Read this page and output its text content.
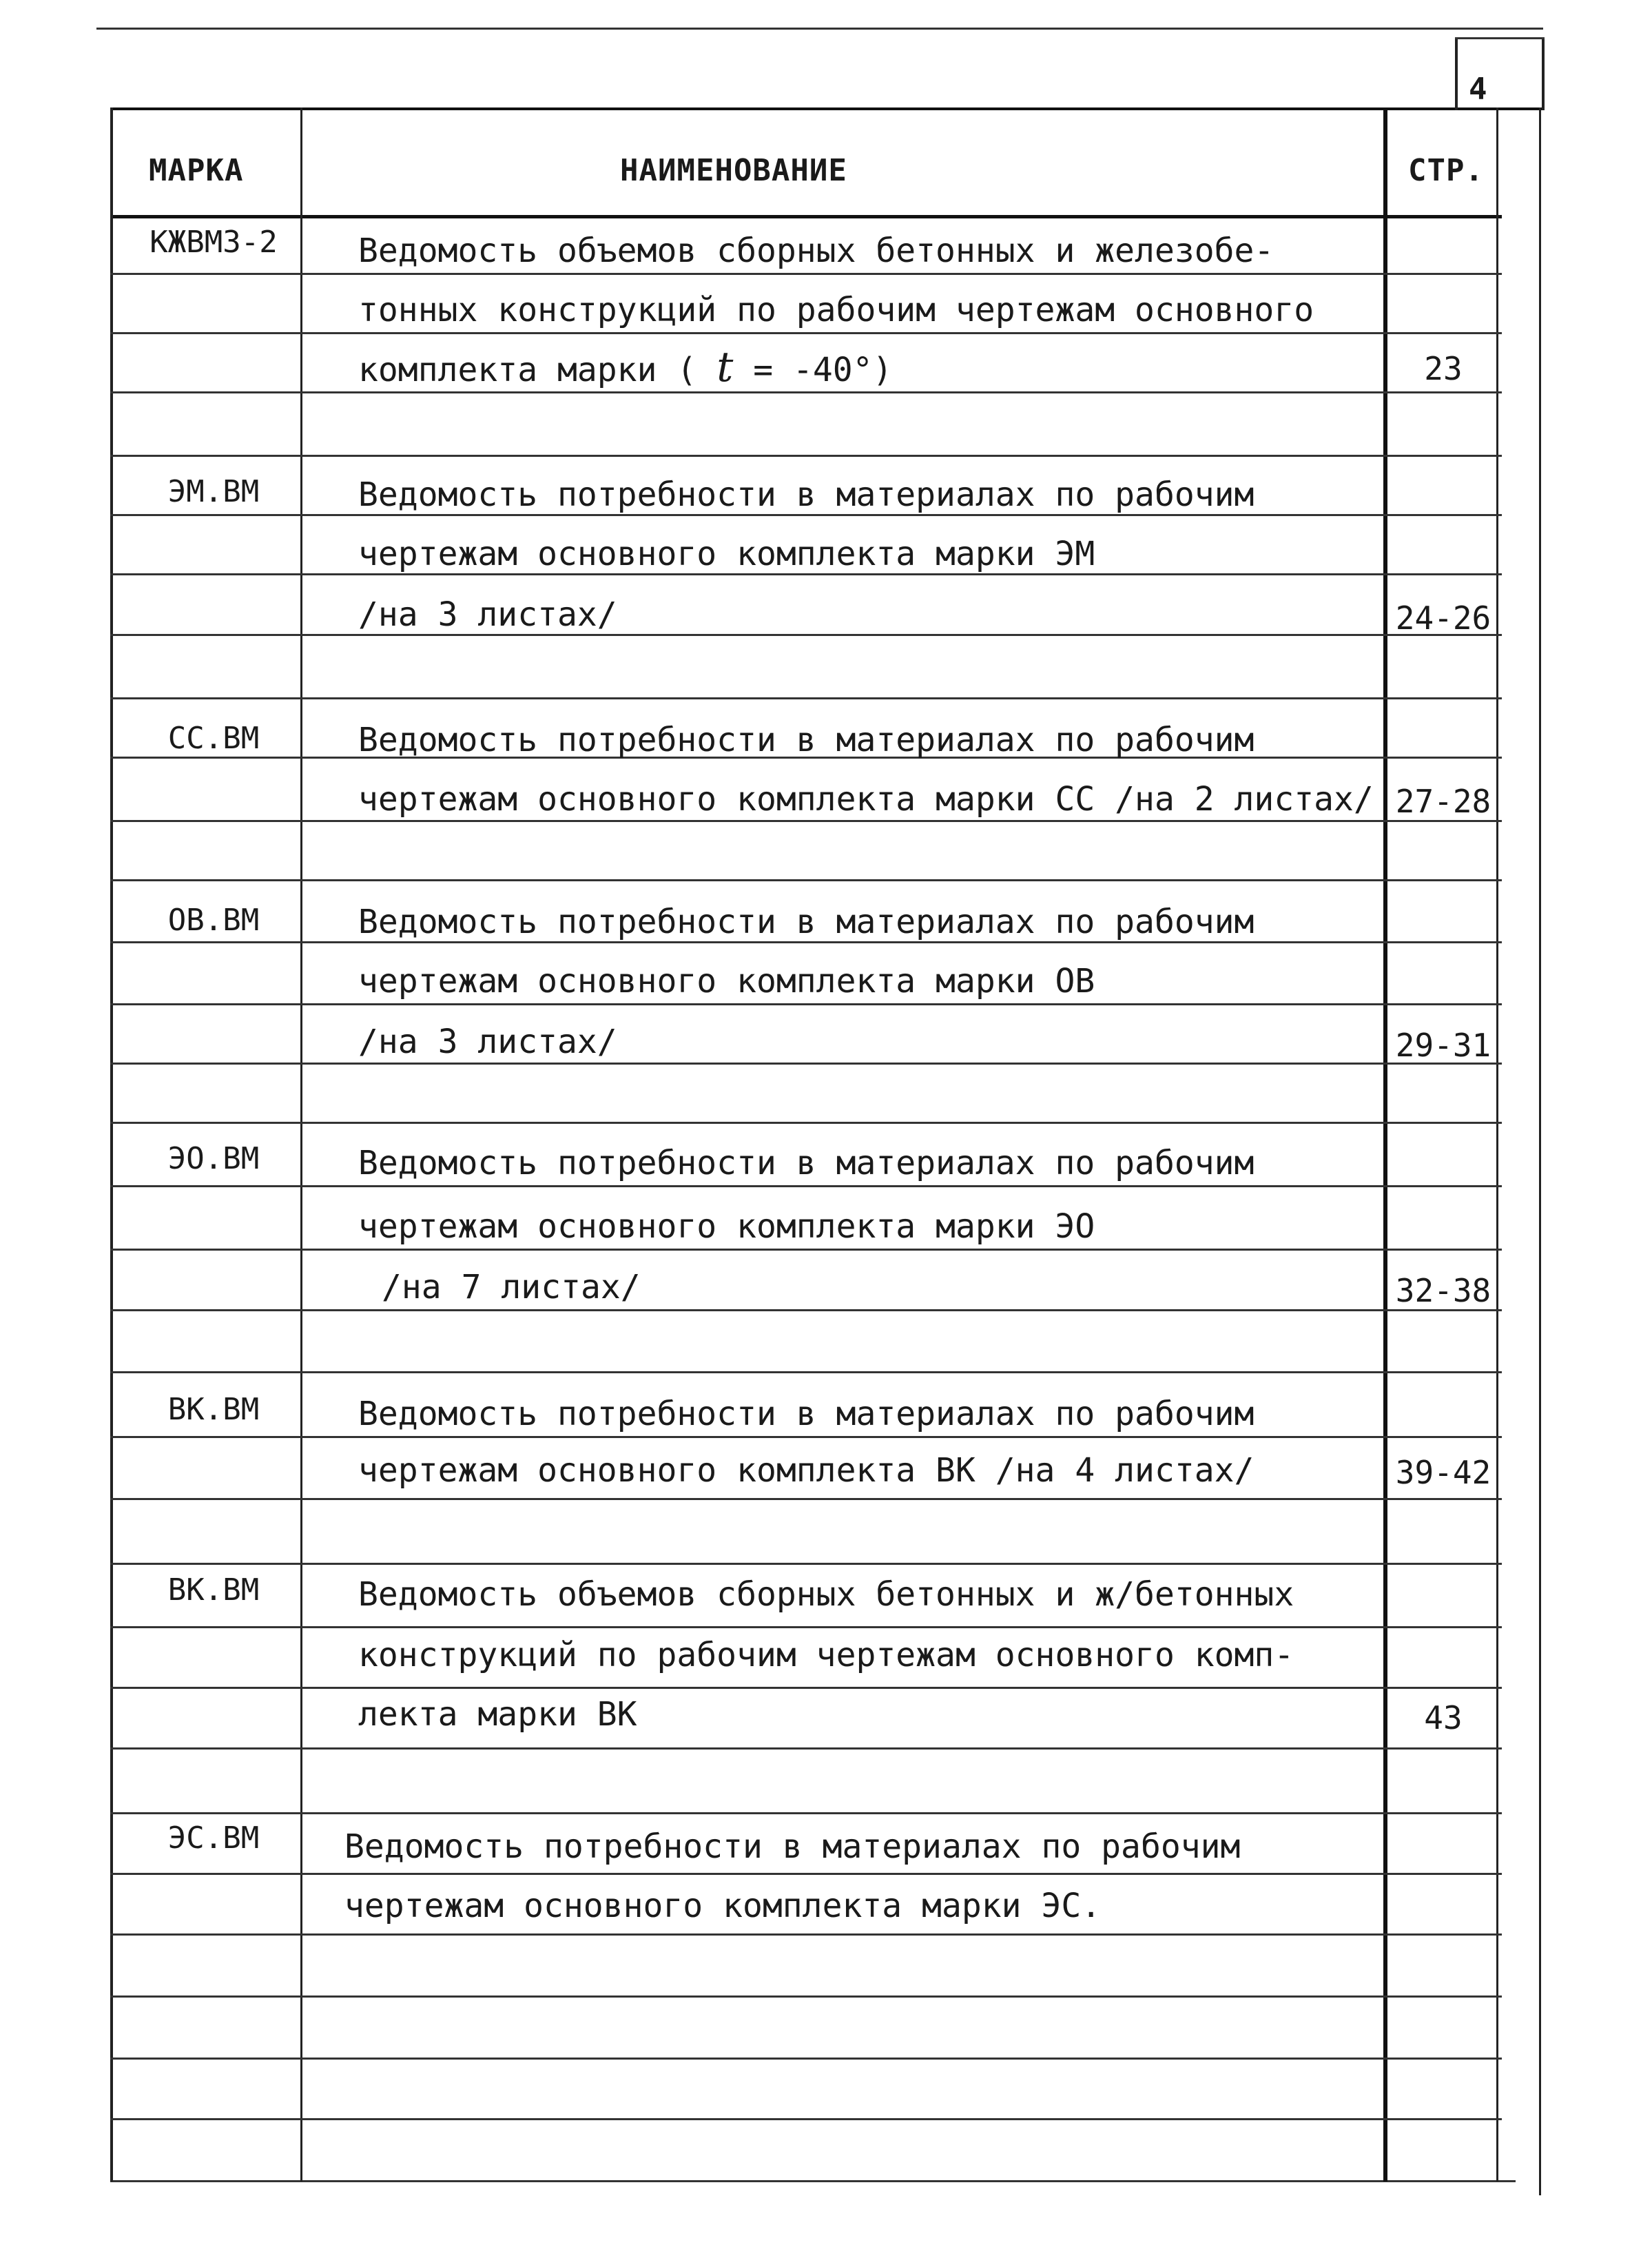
4
МАРКА	НАИМЕНОВАНИЕ	СТР.
КЖВМЗ-2	Ведомость объемов сборных бетонных и железобе-
тонных конструкций по рабочим чертежам основного
комплекта марки ( t = -40°)	23
ЭМ.ВМ	Ведомость потребности в материалах по рабочим
чертежам основного комплекта марки ЭМ
/на 3 листах/	24-26
СС.ВМ	Ведомость потребности в материалах по рабочим
чертежам основного комплекта марки СС /на 2 листах/ 27-28
ОВ.ВМ	Ведомость потребности в материалах по рабочим
чертежам основного комплекта марки ОВ
/на 3 листах/	29-31
ЭО.ВМ	Ведомость потребности в материалах по рабочим
чертежам основного комплекта марки ЭО
/на 7 листах/	32-38
ВК.ВМ	Ведомость потребности в материалах по рабочим
чертежам основного комплекта ВК /на 4 листах/	39-42
ВК.ВМ	Ведомость объемов сборных бетонных и ж/бетонных
конструкций по рабочим чертежам основного комп-
лекта марки ВК	43
ЭС.ВМ	Ведомость потребности в материалах по рабочим
чертежам основного комплекта марки ЭС.
